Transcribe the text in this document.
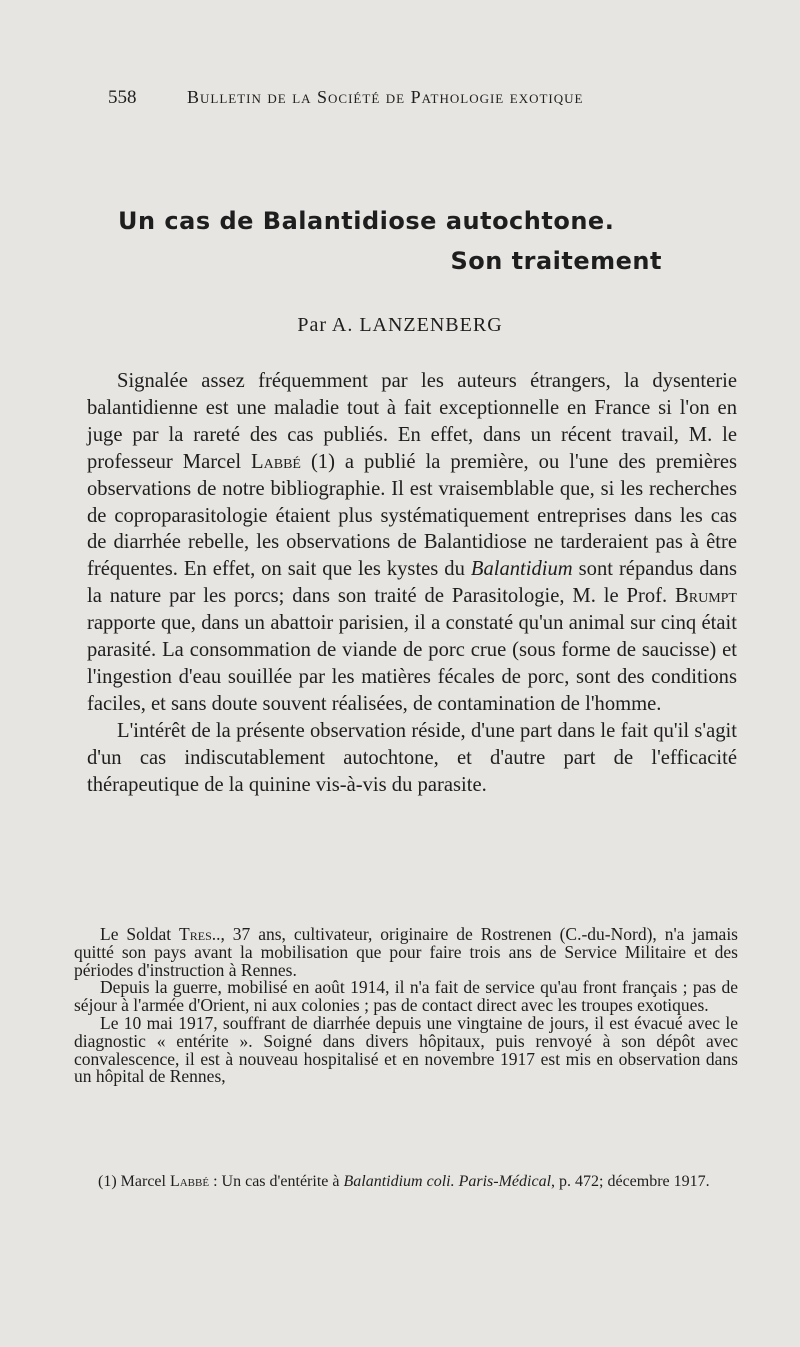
558	Bulletin de la Société de Pathologie exotique
Un cas de Balantidiose autochtone.
Son traitement
Par A. LANZENBERG

Signalée assez fréquemment par les auteurs étrangers, la dysenterie balantidienne est une maladie tout à fait exceptionnelle en France si l'on en juge par la rareté des cas publiés. En effet, dans un récent travail, M. le professeur Marcel Labbé (1) a publié la première, ou l'une des premières observations de notre bibliographie. Il est vraisemblable que, si les recherches de coproparasitologie étaient plus systématiquement entreprises dans les cas de diarrhée rebelle, les observations de Balantidiose ne tarderaient pas à être fréquentes. En effet, on sait que les kystes du Balantidium sont répandus dans la nature par les porcs; dans son traité de Parasitologie, M. le Prof. Brumpt rapporte que, dans un abattoir parisien, il a constaté qu'un animal sur cinq était parasité. La consommation de viande de porc crue (sous forme de saucisse) et l'ingestion d'eau souillée par les matières fécales de porc, sont des conditions faciles, et sans doute souvent réalisées, de contamination de l'homme.

L'intérêt de la présente observation réside, d'une part dans le fait qu'il s'agit d'un cas indiscutablement autochtone, et d'autre part de l'efficacité thérapeutique de la quinine vis-à-vis du parasite.

Le Soldat Tres.., 37 ans, cultivateur, originaire de Rostrenen (C.-du-Nord), n'a jamais quitté son pays avant la mobilisation que pour faire trois ans de Service Militaire et des périodes d'instruction à Rennes.

Depuis la guerre, mobilisé en août 1914, il n'a fait de service qu'au front français ; pas de séjour à l'armée d'Orient, ni aux colonies ; pas de contact direct avec les troupes exotiques.

Le 10 mai 1917, souffrant de diarrhée depuis une vingtaine de jours, il est évacué avec le diagnostic « entérite ». Soigné dans divers hôpitaux, puis renvoyé à son dépôt avec convalescence, il est à nouveau hospitalisé et en novembre 1917 est mis en observation dans un hôpital de Rennes,

(1) Marcel Labbé : Un cas d'entérite à Balantidium coli. Paris-Médical, p. 472; décembre 1917.
